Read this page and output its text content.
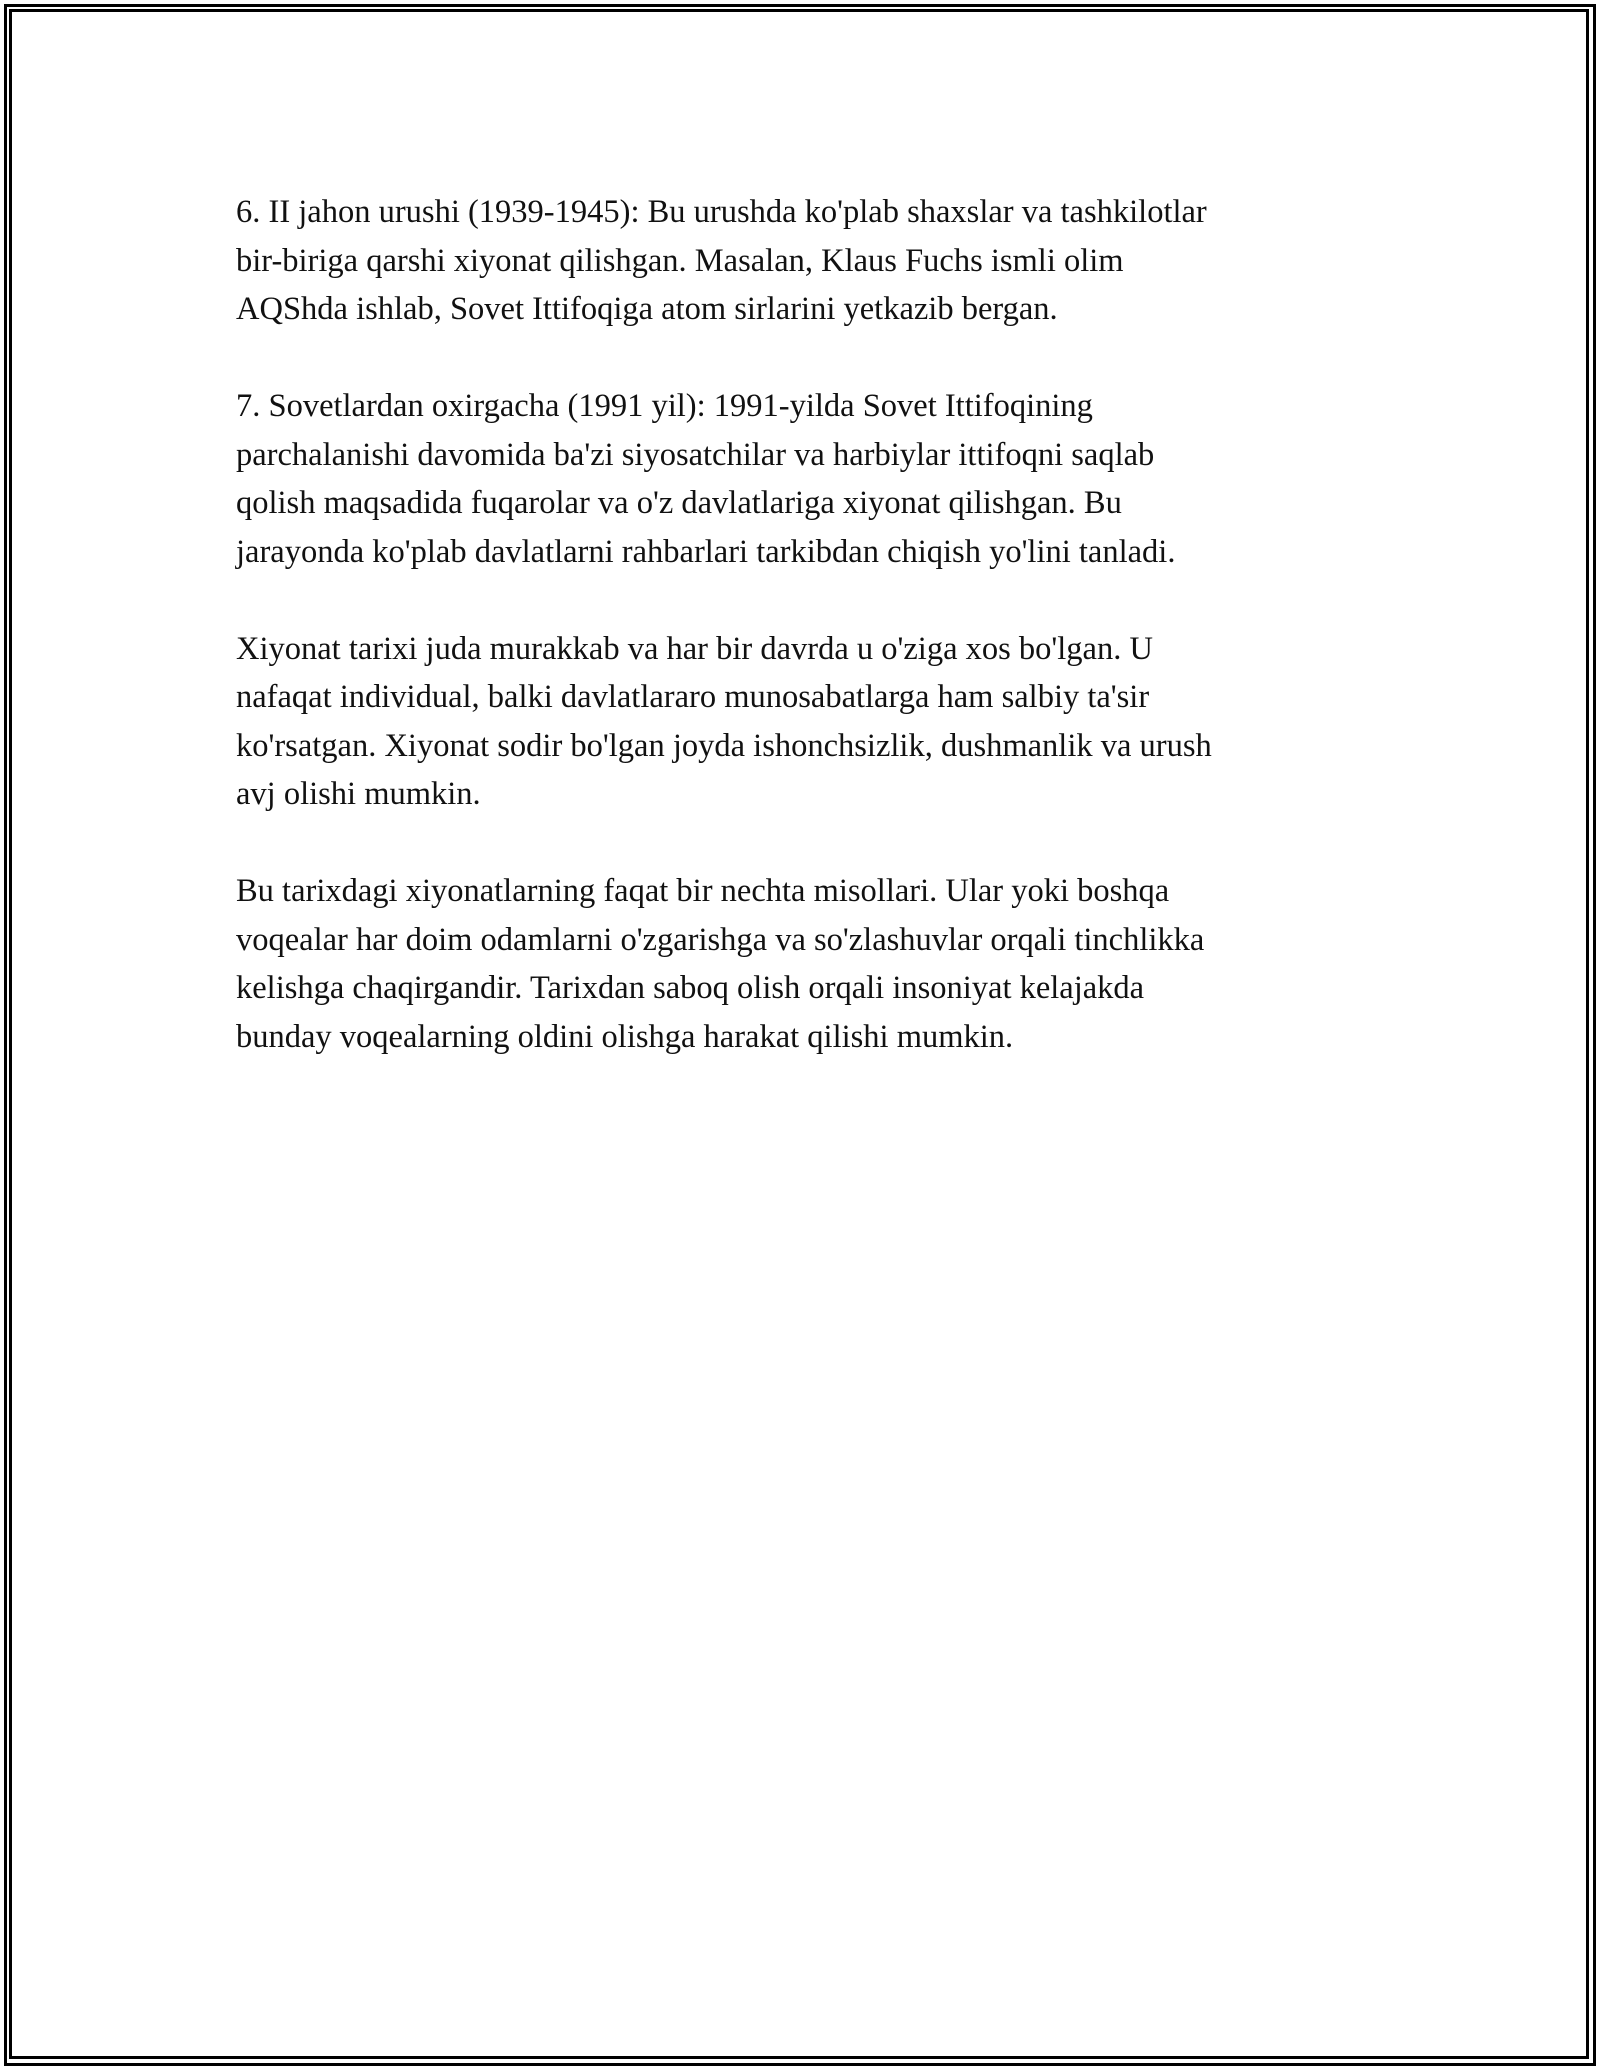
6. II jahon urushi (1939-1945): Bu urushda ko'plab shaxslar va tashkilotlar
bir-biriga qarshi xiyonat qilishgan. Masalan, Klaus Fuchs ismli olim
AQShda ishlab, Sovet Ittifoqiga atom sirlarini yetkazib bergan.

7. Sovetlardan oxirgacha (1991 yil): 1991-yilda Sovet Ittifoqining
parchalanishi davomida ba'zi siyosatchilar va harbiylar ittifoqni saqlab
qolish maqsadida fuqarolar va o'z davlatlariga xiyonat qilishgan. Bu
jarayonda ko'plab davlatlarni rahbarlari tarkibdan chiqish yo'lini tanladi.

Xiyonat tarixi juda murakkab va har bir davrda u o'ziga xos bo'lgan. U
nafaqat individual, balki davlatlararo munosabatlarga ham salbiy ta'sir
ko'rsatgan. Xiyonat sodir bo'lgan joyda ishonchsizlik, dushmanlik va urush
avj olishi mumkin.

Bu tarixdagi xiyonatlarning faqat bir nechta misollari. Ular yoki boshqa
voqealar har doim odamlarni o'zgarishga va so'zlashuvlar orqali tinchlikka
kelishga chaqirgandir. Tarixdan saboq olish orqali insoniyat kelajakda
bunday voqealarning oldini olishga harakat qilishi mumkin.
